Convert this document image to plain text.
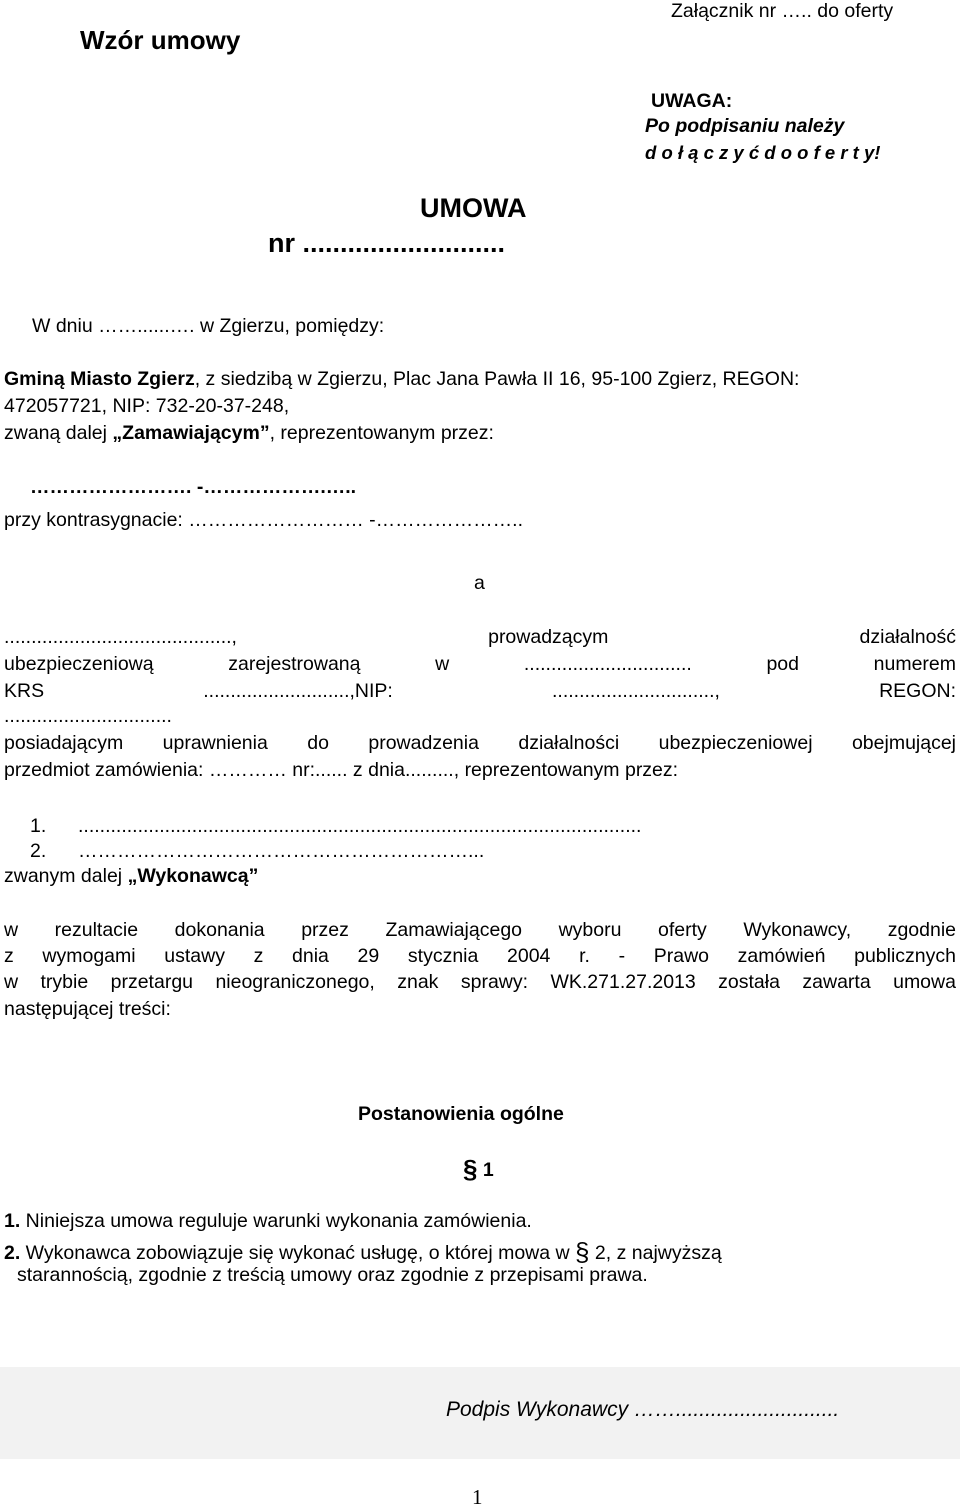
Wzór umowy
Załącznik nr ….. do oferty
UWAGA:
Po podpisaniu należy
d o ł ą c z y ć d o o f e r t y!
UMOWA
nr ...........................
W dniu ……......…. w Zgierzu, pomiędzy:
Gminą Miasto Zgierz, z siedzibą w Zgierzu, Plac Jana Pawła II 16, 95-100 Zgierz, REGON:
472057721, NIP: 732-20-37-248,
zwaną dalej „Zamawiającym”, reprezentowanym przez:
……………………. -……………….…..
przy kontrasygnacie: ……………………… -…………………..
a
.........................................., prowadzącym	działalność
ubezpieczeniową	zarejestrowaną	w	...............................	pod	numerem
KRS	...........................,NIP:	..............................,	REGON:
...............................
posiadającym uprawnienia do prowadzenia działalności ubezpieczeniowej obejmującej
przedmiot zamówienia: ………… nr:...... z dnia........., reprezentowanym przez:
1. ........................................................................................................
2. ……………………………………………………...
zwanym dalej „Wykonawcą”
w rezultacie dokonania przez Zamawiającego wyboru oferty Wykonawcy, zgodnie
z wymogami ustawy z dnia 29 stycznia 2004 r. - Prawo zamówień publicznych
w trybie przetargu nieograniczonego, znak sprawy: WK.271.27.2013 została zawarta umowa
następującej treści:
Postanowienia ogólne
§ 1
1. Niniejsza umowa reguluje warunki wykonania zamówienia.
2. Wykonawca zobowiązuje się wykonać usługę, o której mowa w § 2, z najwyższą
starannością, zgodnie z treścią umowy oraz zgodnie z przepisami prawa.
Podpis Wykonawcy ……............................
1
